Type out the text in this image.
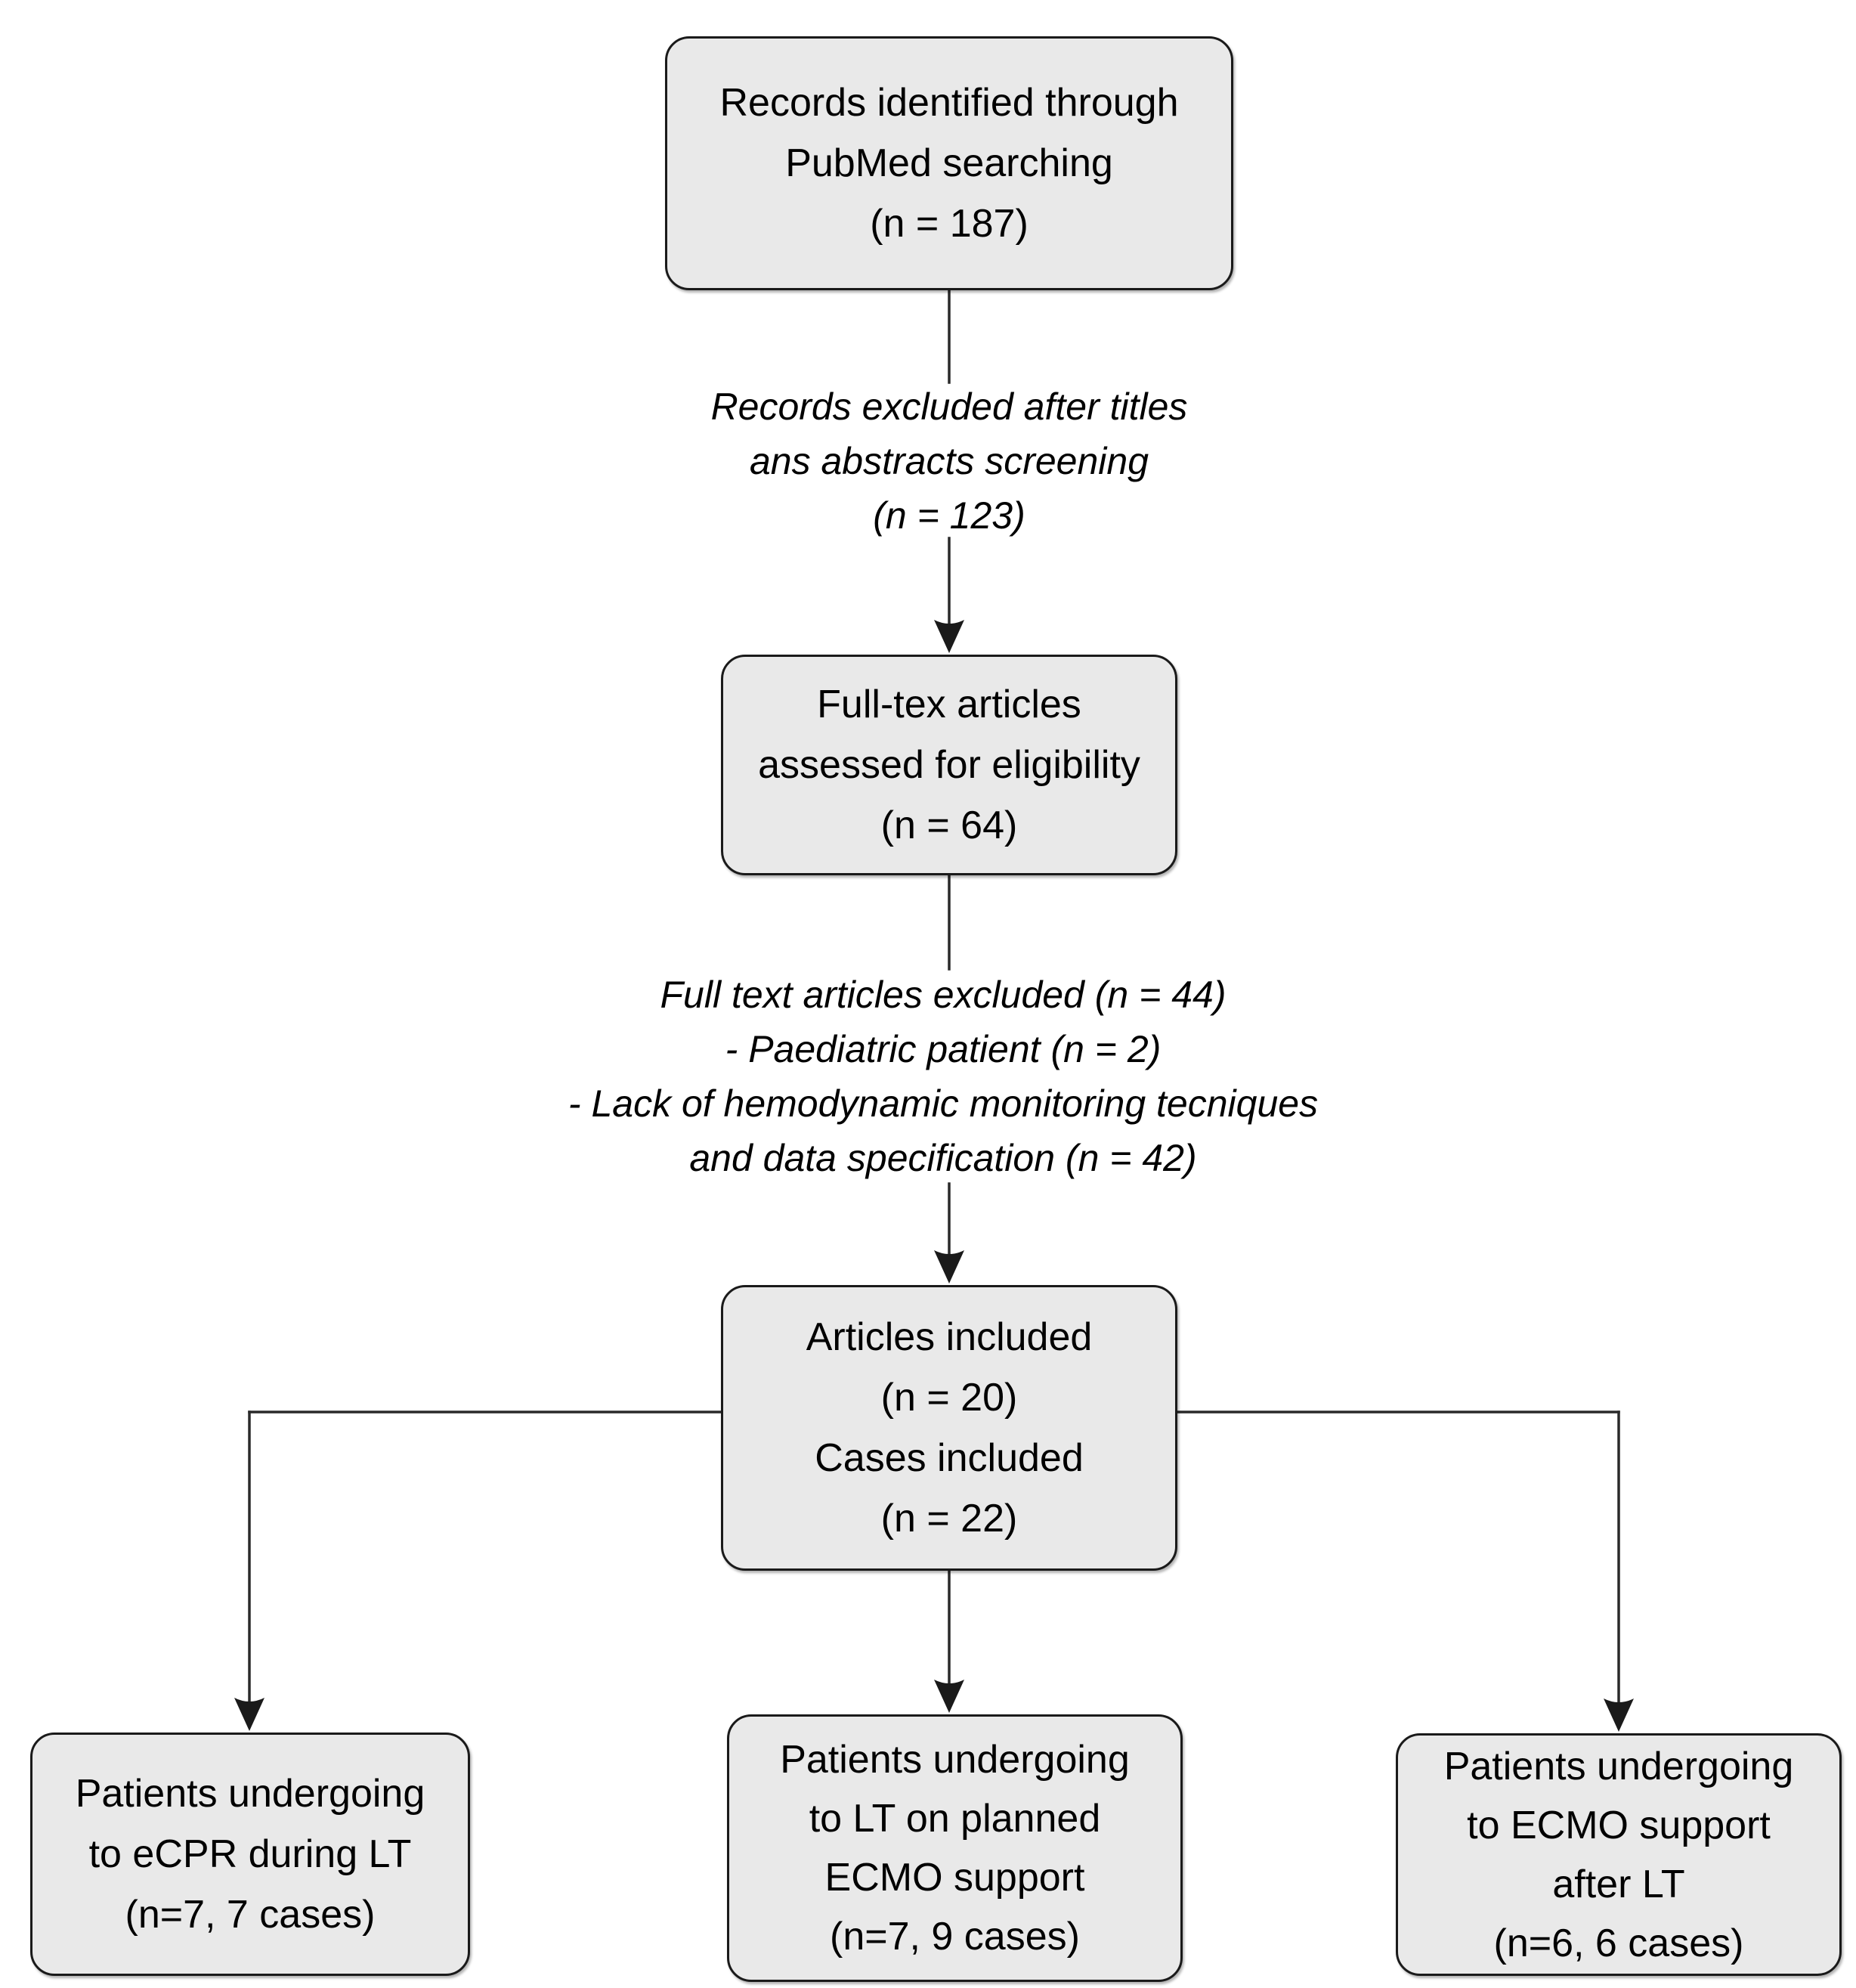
Records identified through
PubMed searching
(n = 187)
Records excluded after titles
ans abstracts screening
(n = 123)
Full-tex articles
assessed for eligibility
(n = 64)
Full text articles excluded (n = 44)
- Paediatric patient (n = 2)
- Lack of hemodynamic monitoring tecniques
and data specification (n = 42)
Articles included
(n = 20)
Cases included
(n = 22)
Patients undergoing
to eCPR during LT
(n=7, 7 cases)
Patients undergoing
to LT on planned
ECMO support
(n=7, 9 cases)
Patients undergoing
to ECMO support
after LT
(n=6, 6 cases)
